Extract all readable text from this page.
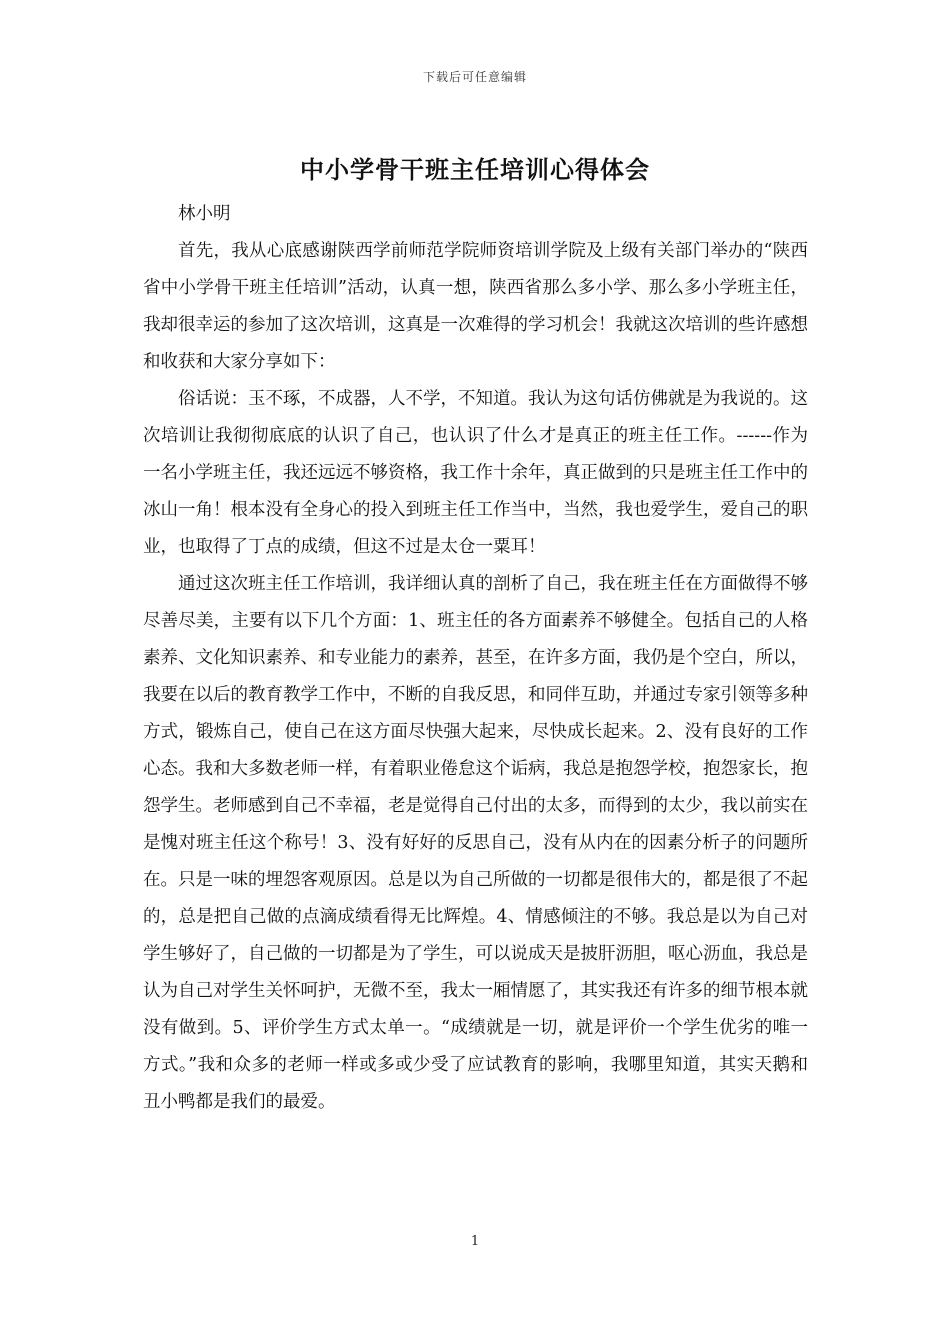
下载后可任意编辑
中小学骨干班主任培训心得体会

林小明

首先，我从心底感谢陕西学前师范学院师资培训学院及上级有关部门举办的“陕西省中小学骨干班主任培训”活动，认真一想，陕西省那么多小学、那么多小学班主任，我却很幸运的参加了这次培训，这真是一次难得的学习机会！我就这次培训的些许感想和收获和大家分享如下：

俗话说：玉不琢，不成器，人不学，不知道。我认为这句话仿佛就是为我说的。这次培训让我彻彻底底的认识了自己，也认识了什么才是真正的班主任工作。------作为一名小学班主任，我还远远不够资格，我工作十余年，真正做到的只是班主任工作中的冰山一角！根本没有全身心的投入到班主任工作当中，当然，我也爱学生，爱自己的职业，也取得了丁点的成绩，但这不过是太仓一粟耳！

通过这次班主任工作培训，我详细认真的剖析了自己，我在班主任在方面做得不够尽善尽美，主要有以下几个方面：1、班主任的各方面素养不够健全。包括自己的人格素养、文化知识素养、和专业能力的素养，甚至，在许多方面，我仍是个空白，所以，我要在以后的教育教学工作中，不断的自我反思，和同伴互助，并通过专家引领等多种方式，锻炼自己，使自己在这方面尽快强大起来，尽快成长起来。2、没有良好的工作心态。我和大多数老师一样，有着职业倦怠这个诟病，我总是抱怨学校，抱怨家长，抱怨学生。老师感到自己不幸福，老是觉得自己付出的太多，而得到的太少，我以前实在是愧对班主任这个称号！3、没有好好的反思自己，没有从内在的因素分析子的问题所在。只是一味的埋怨客观原因。总是以为自己所做的一切都是很伟大的，都是很了不起的，总是把自己做的点滴成绩看得无比辉煌。4、情感倾注的不够。我总是以为自己对学生够好了，自己做的一切都是为了学生，可以说成天是披肝沥胆，呕心沥血，我总是认为自己对学生关怀呵护，无微不至，我太一厢情愿了，其实我还有许多的细节根本就没有做到。5、评价学生方式太单一。“成绩就是一切，就是评价一个学生优劣的唯一方式。”我和众多的老师一样或多或少受了应试教育的影响，我哪里知道，其实天鹅和丑小鸭都是我们的最爱。

1
